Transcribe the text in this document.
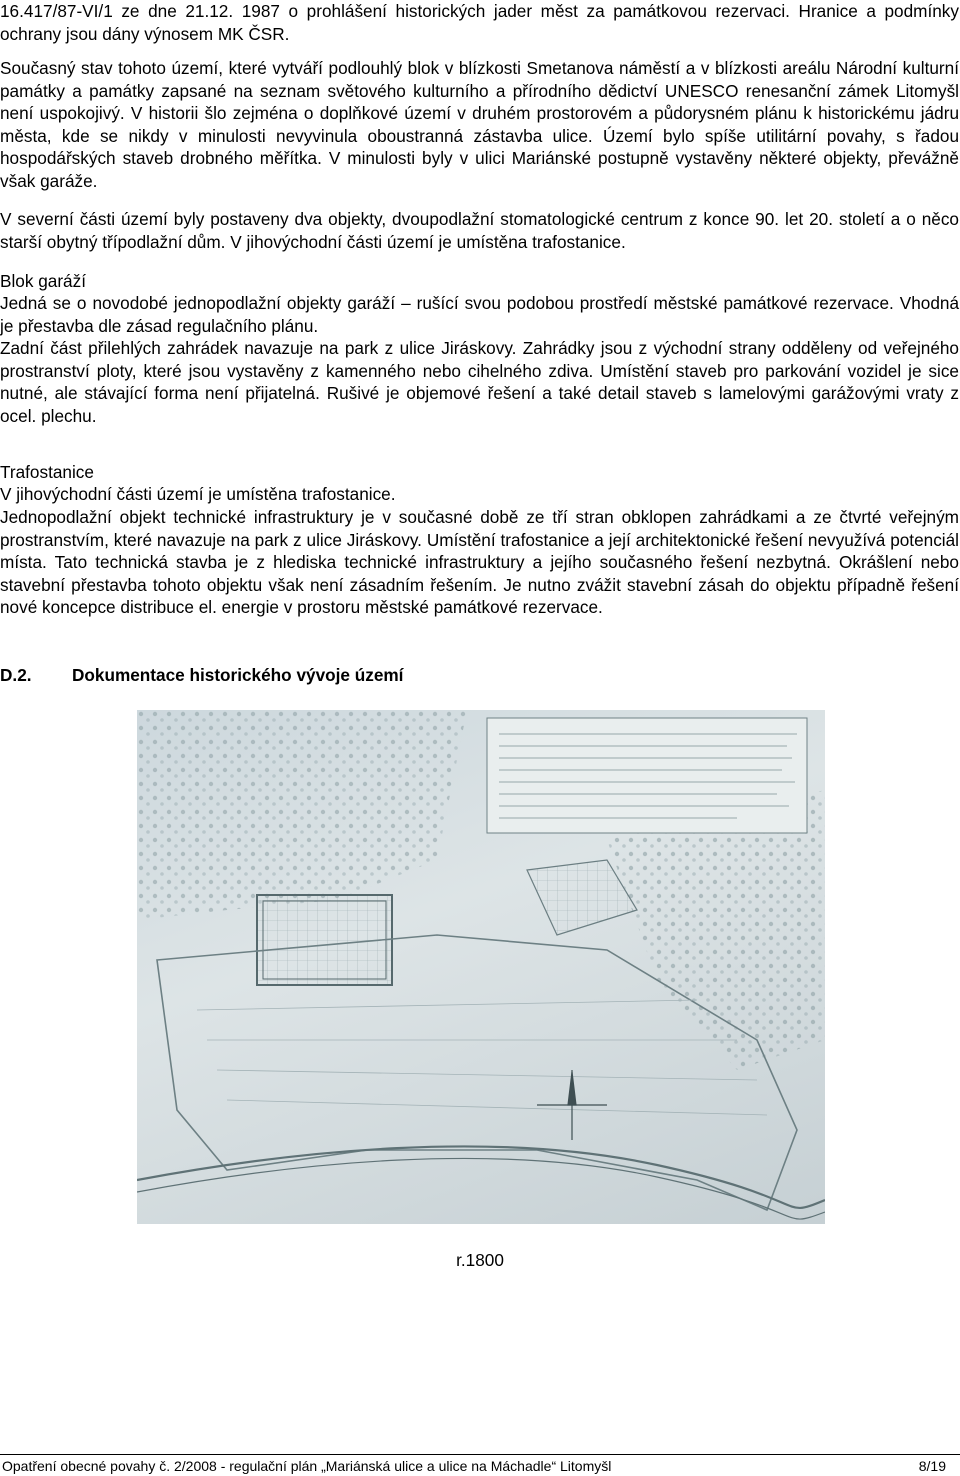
16.417/87-VI/1 ze dne 21.12. 1987 o prohlášení historických jader měst za památkovou rezervaci. Hranice a podmínky ochrany jsou dány výnosem MK ČSR.

Současný stav tohoto území, které vytváří podlouhlý blok v blízkosti Smetanova náměstí a v blízkosti areálu Národní kulturní památky a památky zapsané na seznam světového kulturního a přírodního dědictví UNESCO renesanční zámek Litomyšl není uspokojivý. V historii šlo zejména o doplňkové území v druhém prostorovém a půdorysném plánu k historickému jádru města, kde se nikdy v minulosti nevyvinula oboustranná zástavba ulice. Území bylo spíše utilitární povahy, s řadou hospodářských staveb drobného měřítka. V minulosti byly v ulici Mariánské postupně vystavěny některé objekty, převážně však garáže.

V severní části území byly postaveny dva objekty, dvoupodlažní stomatologické centrum z konce 90. let 20. století a o něco starší obytný třípodlažní dům. V jihovýchodní části území je umístěna trafostanice.

Blok garáží

Jedná se o novodobé jednopodlažní objekty garáží – rušící svou podobou prostředí městské památkové rezervace. Vhodná je přestavba dle zásad regulačního plánu.

Zadní část přilehlých zahrádek navazuje na park z ulice Jiráskovy. Zahrádky jsou z východní strany odděleny od veřejného prostranství ploty, které jsou vystavěny z kamenného nebo cihelného zdiva. Umístění staveb pro parkování vozidel je sice nutné, ale stávající forma není přijatelná. Rušivé je objemové řešení a také detail staveb s lamelovými garážovými vraty z ocel. plechu.

Trafostanice

V jihovýchodní části území je umístěna trafostanice.

Jednopodlažní objekt technické infrastruktury je v současné době ze tří stran obklopen zahrádkami a ze čtvrté veřejným prostranstvím, které navazuje na park z ulice Jiráskovy. Umístění trafostanice a její architektonické řešení nevyužívá potenciál místa. Tato technická stavba je z hlediska technické infrastruktury a jejího současného řešení nezbytná. Okrášlení nebo stavební přestavba tohoto objektu však není zásadním řešením. Je nutno zvážit stavební zásah do objektu případně řešení nové koncepce distribuce el. energie v prostoru městské památkové rezervace.

D.2.	Dokumentace historického vývoje území
r.1800
Opatření obecné povahy č. 2/2008 - regulační plán „Mariánská ulice a ulice na Máchadle“ Litomyšl	8/19
